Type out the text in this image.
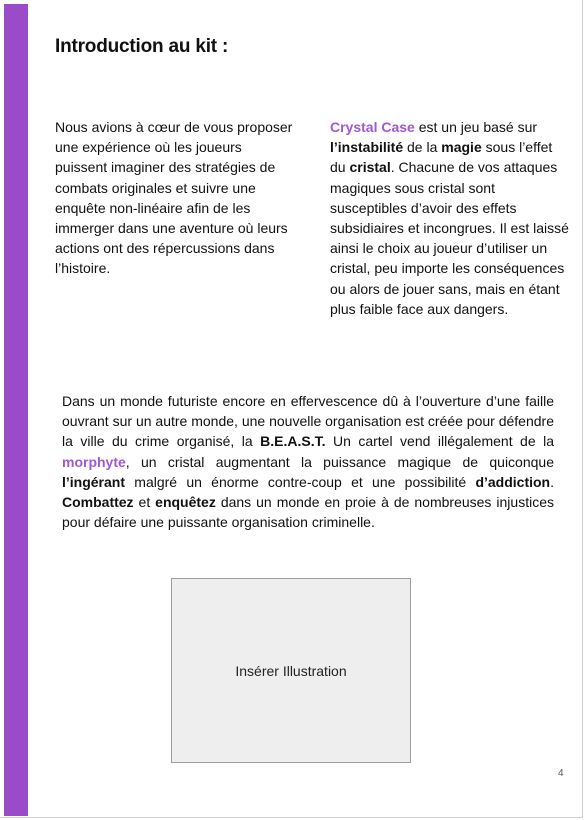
Introduction au kit :
Nous avions à cœur de vous proposer une expérience où les joueurs puissent imaginer des stratégies de combats originales et suivre une enquête non-linéaire afin de les immerger dans une aventure où leurs actions ont des répercussions dans l’histoire.
Crystal Case est un jeu basé sur l’instabilité de la magie sous l’effet du cristal. Chacune de vos attaques magiques sous cristal sont susceptibles d’avoir des effets subsidiaires et incongrues. Il est laissé ainsi le choix au joueur d’utiliser un cristal, peu importe les conséquences ou alors de jouer sans, mais en étant plus faible face aux dangers.
Dans un monde futuriste encore en effervescence dû à l’ouverture d’une faille ouvrant sur un autre monde, une nouvelle organisation est créée pour défendre la ville du crime organisé, la B.E.A.S.T. Un cartel vend illégalement de la morphyte, un cristal augmentant la puissance magique de quiconque l’ingérant malgré un énorme contre-coup et une possibilité d’addiction. Combattez et enquêtez dans un monde en proie à de nombreuses injustices pour défaire une puissante organisation criminelle.
Insérer Illustration
4
